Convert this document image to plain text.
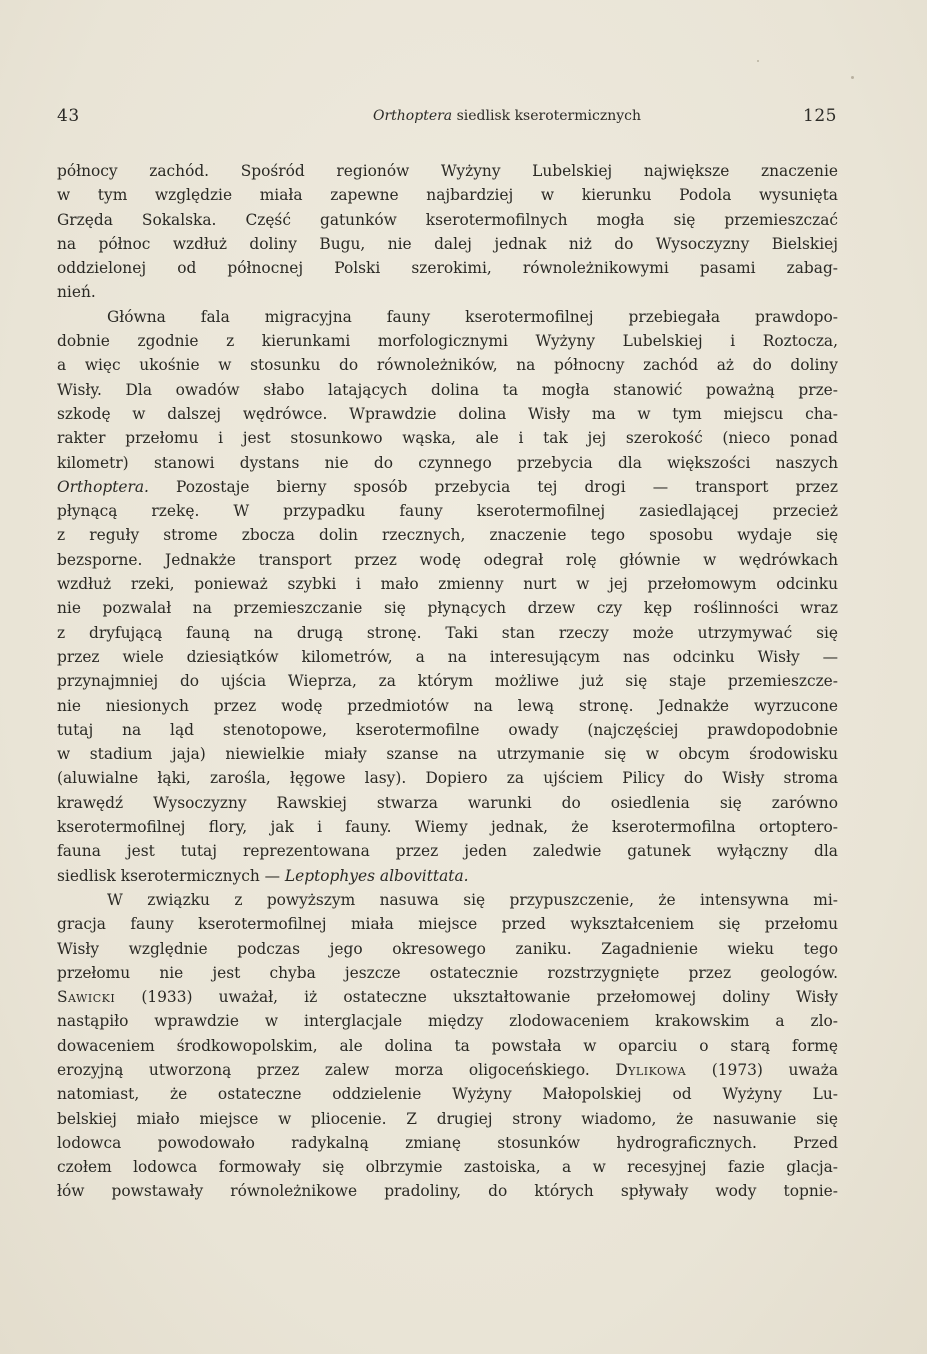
43	Orthoptera siedlisk kserotermicznych	125
północy zachód. Spośród regionów Wyżyny Lubelskiej największe znaczenie
w tym względzie miała zapewne najbardziej w kierunku Podola wysunięta
Grzęda Sokalska. Część gatunków kserotermofilnych mogła się przemieszczać
na północ wzdłuż doliny Bugu, nie dalej jednak niż do Wysoczyzny Bielskiej
oddzielonej od północnej Polski szerokimi, równoleżnikowymi pasami zabag-
nień.
Główna fala migracyjna fauny kserotermofilnej przebiegała prawdopo-
dobnie zgodnie z kierunkami morfologicznymi Wyżyny Lubelskiej i Roztocza,
a więc ukośnie w stosunku do równoleżników, na północny zachód aż do doliny
Wisły. Dla owadów słabo latających dolina ta mogła stanowić poważną prze-
szkodę w dalszej wędrówce. Wprawdzie dolina Wisły ma w tym miejscu cha-
rakter przełomu i jest stosunkowo wąska, ale i tak jej szerokość (nieco ponad
kilometr) stanowi dystans nie do czynnego przebycia dla większości naszych
Orthoptera. Pozostaje bierny sposób przebycia tej drogi — transport przez
płynącą rzekę. W przypadku fauny kserotermofilnej zasiedlającej przecież
z reguły strome zbocza dolin rzecznych, znaczenie tego sposobu wydaje się
bezsporne. Jednakże transport przez wodę odegrał rolę głównie w wędrówkach
wzdłuż rzeki, ponieważ szybki i mało zmienny nurt w jej przełomowym odcinku
nie pozwalał na przemieszczanie się płynących drzew czy kęp roślinności wraz
z dryfującą fauną na drugą stronę. Taki stan rzeczy może utrzymywać się
przez wiele dziesiątków kilometrów, a na interesującym nas odcinku Wisły —
przynajmniej do ujścia Wieprza, za którym możliwe już się staje przemieszcze-
nie niesionych przez wodę przedmiotów na lewą stronę. Jednakże wyrzucone
tutaj na ląd stenotopowe, kserotermofilne owady (najczęściej prawdopodobnie
w stadium jaja) niewielkie miały szanse na utrzymanie się w obcym środowisku
(aluwialne łąki, zarośla, łęgowe lasy). Dopiero za ujściem Pilicy do Wisły stroma
krawędź Wysoczyzny Rawskiej stwarza warunki do osiedlenia się zarówno
kserotermofilnej flory, jak i fauny. Wiemy jednak, że kserotermofilna ortoptero-
fauna jest tutaj reprezentowana przez jeden zaledwie gatunek wyłączny dla
siedlisk kserotermicznych — Leptophyes albovittata.
W związku z powyższym nasuwa się przypuszczenie, że intensywna mi-
gracja fauny kserotermofilnej miała miejsce przed wykształceniem się przełomu
Wisły względnie podczas jego okresowego zaniku. Zagadnienie wieku tego
przełomu nie jest chyba jeszcze ostatecznie rozstrzygnięte przez geologów.
Sawicki (1933) uważał, iż ostateczne ukształtowanie przełomowej doliny Wisły
nastąpiło wprawdzie w interglacjale między zlodowaceniem krakowskim a zlo-
dowaceniem środkowopolskim, ale dolina ta powstała w oparciu o starą formę
erozyjną utworzoną przez zalew morza oligoceńskiego. Dylikowa (1973) uważa
natomiast, że ostateczne oddzielenie Wyżyny Małopolskiej od Wyżyny Lu-
belskiej miało miejsce w pliocenie. Z drugiej strony wiadomo, że nasuwanie się
lodowca powodowało radykalną zmianę stosunków hydrograficznych. Przed
czołem lodowca formowały się olbrzymie zastoiska, a w recesyjnej fazie glacja-
łów powstawały równoleżnikowe pradoliny, do których spływały wody topnie-
